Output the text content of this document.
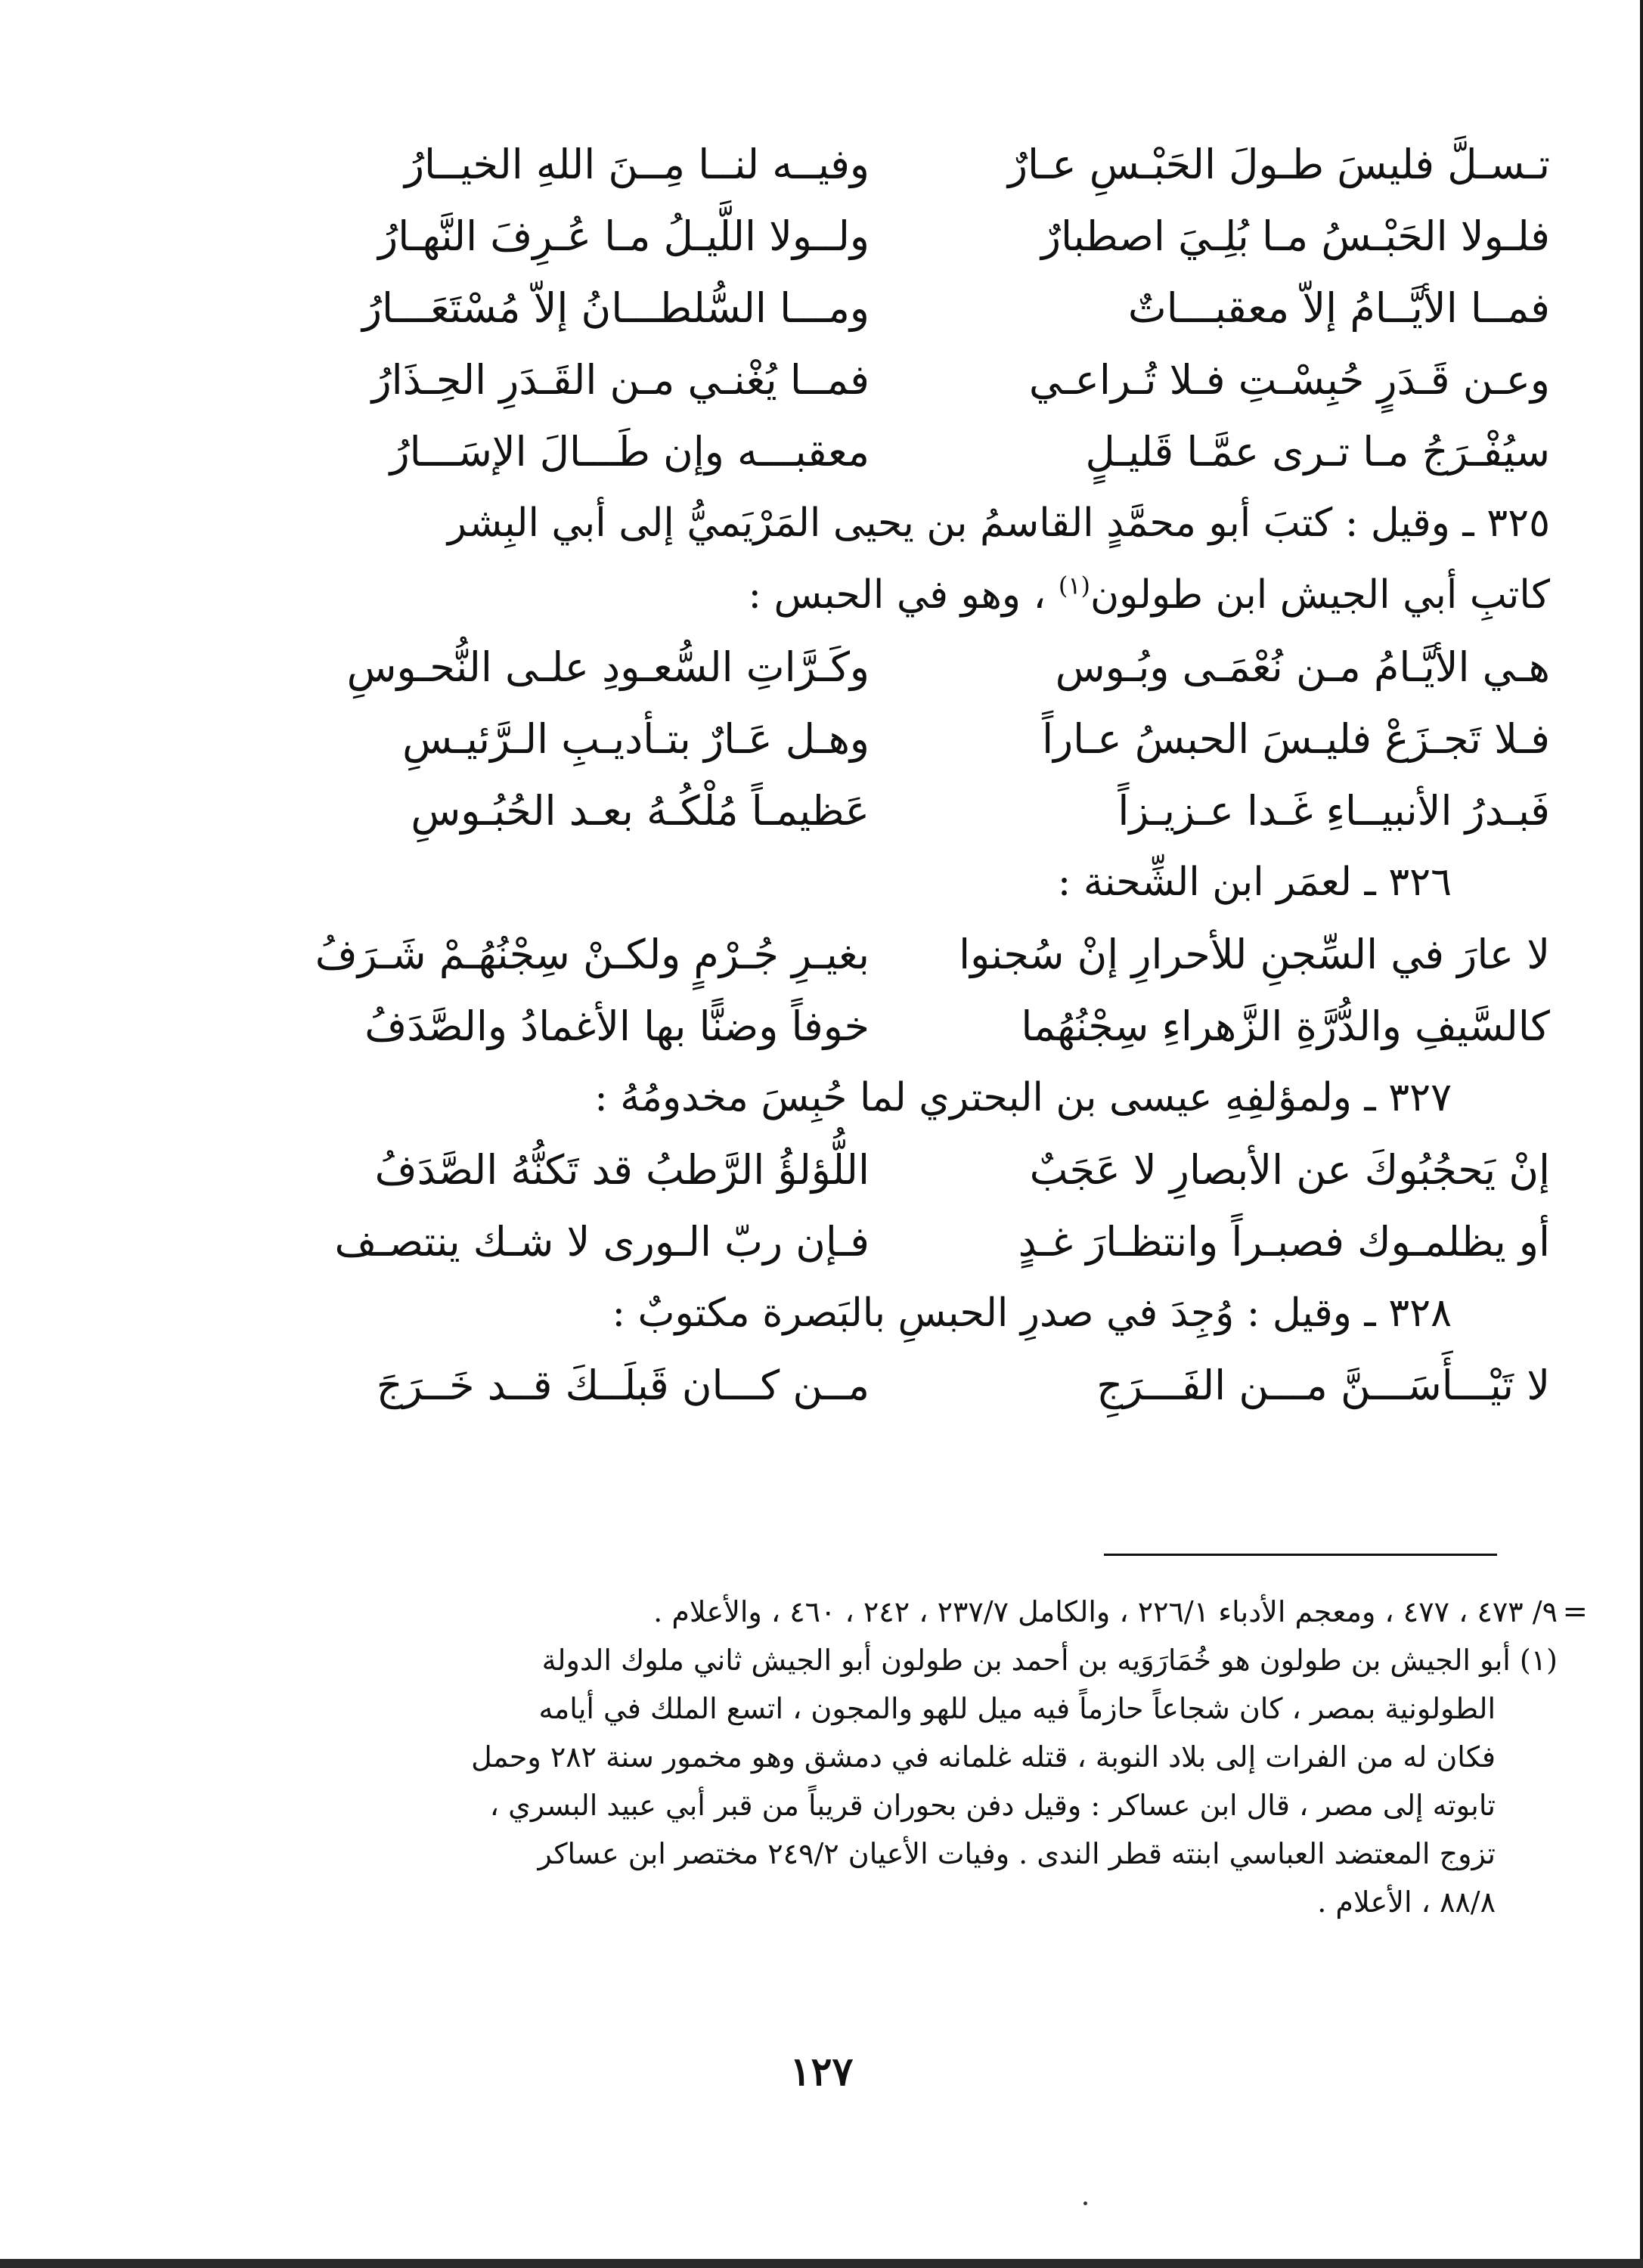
تـسـلَّ فليسَ طـولَ الحَبْـسِ عـارٌ
وفيــه لنــا مِــنَ اللهِ الخيــارُ
فلـولا الحَبْـسُ مـا بُلِـيَ اصطبارٌ
ولــولا اللَّيـلُ مـا عُـرِفَ النَّهـارُ
فمــا الأيَّــامُ إلاّ معقبـــاتٌ
ومـــا السُّلطـــانُ إلاّ مُسْتَعَـــارُ
وعـن قَـدَرٍ حُبِسْـتِ فـلا تُـراعـي
فمــا يُغْنـي مـن القَـدَرِ الحِـذَارُ
سيُفْـرَجُ مـا تـرى عمَّـا قَليـلٍ
معقبـــه وإن طَـــالَ الإسَـــارُ
٣٢٥ ـ وقيل : كتبَ أبو محمَّدٍ القاسمُ بن يحيى المَرْيَميُّ إلى أبي البِشر
كاتبِ أبي الجيش ابن طولون$^{(١)}$ ، وهو في الحبس :
هـي الأيَّـامُ مـن نُعْمَـى وبُـوس
وكَـرَّاتِ السُّعـودِ علـى النُّحـوسِ
فـلا تَجـزَعْ فليـسَ الحبسُ عـاراً
وهـل عَـارٌ بتـأديـبِ الـرَّئيـسِ
فَبـدرُ الأنبيــاءِ غَـدا عـزيـزاً
عَظيمـاً مُلْكُـهُ بعـد الحُبُـوسِ
٣٢٦ ـ لعمَر ابن الشِّحنة :
لا عارَ في السِّجنِ للأحرارِ إنْ سُجنوا
بغيـرِ جُـرْمٍ ولكـنْ سِجْنُهُـمْ شَـرَفُ
كالسَّيفِ والدُّرَّةِ الزَّهراءِ سِجْنُهُما
خوفاً وضنًّا بها الأغمادُ والصَّدَفُ
٣٢٧ ـ ولمؤلفِهِ عيسى بن البحتري لما حُبِسَ مخدومُهُ :
إنْ يَحجُبُوكَ عن الأبصارِ لا عَجَبٌ
اللُّؤلؤُ الرَّطبُ قد تَكنُّهُ الصَّدَفُ
أو يظلمـوك فصبـراً وانتظـارَ غـدٍ
فـإن ربّ الـورى لا شـك ينتصـف
٣٢٨ ـ وقيل : وُجِدَ في صدرِ الحبسِ بالبَصرة مكتوبٌ :
لا تَيْـــأَسَـــنَّ مـــن الفَـــرَجِ
مــن كـــان قَبلَــكَ قــد خَــرَجَ
=
٩/ ٤٧٣ ، ٤٧٧ ، ومعجم الأدباء ٢٢٦/١ ، والكامل ٢٣٧/٧ ، ٢٤٢ ، ٤٦٠ ، والأعلام .
(١) أبو الجيش بن طولون هو خُمَارَوَيه بن أحمد بن طولون أبو الجيش ثاني ملوك الدولة
الطولونية بمصر ، كان شجاعاً حازماً فيه ميل للهو والمجون ، اتسع الملك في أيامه
فكان له من الفرات إلى بلاد النوبة ، قتله غلمانه في دمشق وهو مخمور سنة ٢٨٢ وحمل
تابوته إلى مصر ، قال ابن عساكر : وقيل دفن بحوران قريباً من قبر أبي عبيد البسري ،
تزوج المعتضد العباسي ابنته قطر الندى . وفيات الأعيان ٢٤٩/٢ مختصر ابن عساكر
٨٨/٨ ، الأعلام .
١٢٧
